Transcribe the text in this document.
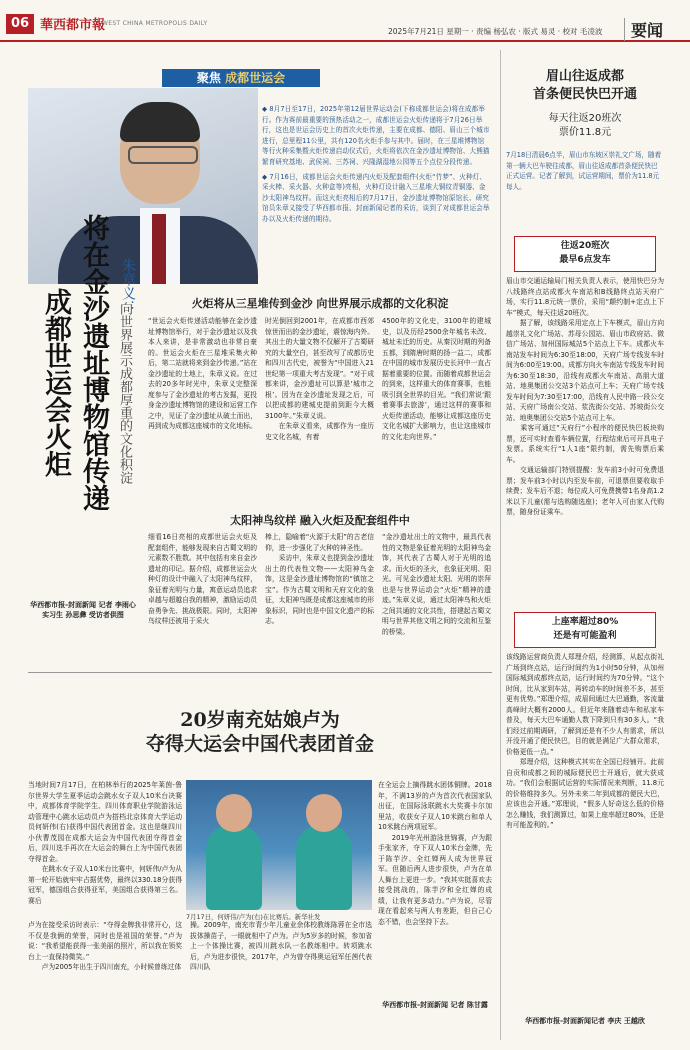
06 華西都市報
WEST CHINA METROPOLIS DAILY
2025年7月21日 星期一 · 责编 杨弘农 · 版式 易灵 · 校对 毛凌波	要闻
聚焦 成都世运会

◆ 8月7日至17日，2025年第12届世界运动会(下称成都世运会)将在成都举行。作为赛前最重要的预热活动之一，成都世运会火炬传递将于7月26日举行，这也是世运会历史上的首次火炬传递，主要在成都、德阳、眉山三个城市进行，总里程11公里，共有120名火炬手参与其中。届时，在三星堆博物馆等行火种采集暨火炬传递启动仪式后，火炬将依次在金沙遗址博物馆、大熊猫繁育研究基地、武侯祠、三苏祠、兴隆湖湿地公园等五个点位分段传递。

◆ 7月16日，成都世运会火炬传递内火炬及配套组件(火炬“竹梦”、火种灯、采火棒、采火器、火种盒等)亮相，火种灯设计融入三星堆大铜纹青铜器、金沙太阳神鸟纹样。而这火炬亮相后的7月17日，金沙遗址博物馆原馆长、研究馆员朱章义接受了华西都市报、封面新闻记者的采访，谈到了对成都世运会举办以及火炬传递的期待。

将在金沙遗址博物馆传递
成都世运会火炬
朱章义：
向世界展示成都厚重的文化积淀
华西都市报-封面新闻 记者 李雨心 实习生 孙思彝 受访者供图
火炬将从三星堆传到金沙 向世界展示成都的文化积淀
“世运会火炬传递活动能够在金沙遗址博物馆举行，对于金沙遗址以及我本人来讲，是非常激动也非常自豪的。世运会火炬在三星堆采集火种后，第二站就将来到金沙传递。”站在金沙遗址的土地上，朱章义说。在过去的20多年时光中，朱章义完整深度参与了金沙遗址的考古发掘，更投身金沙遗址博物馆的建设和运营工作之中，见证了金沙遗址从破土而出，再到成为成都这座城市的文化地标。
时光倒回到2001年，在成都市西郊惊世而出的金沙遗址，震惊海内外。其出土的大量文物不仅解开了古蜀研究的大量空白，甚至改写了成都历史和四川古代史，被誉为“中国进入21世纪第一项重大考古发现”。“对于成都来讲，金沙遗址可以算是‘城市之根’。因为在金沙遗址发现之后，可以把成都的建城史提前到距今大概3100年。”朱章义说。
　　在朱章义看来，成都作为一座历史文化名城，有着
4500年的文化史，3100年的建城史，以及历经2500余年城名未改、城址未迁的历史。从秦汉时期的列备五都，到隋唐时期的扬一益二，成都在中国的城市发展历史长河中一直占据着重要的位置。而随着成都世运会的到来，这样重大的体育赛事，也能吸引到全世界的目光。“我们常说‘跟着赛事去旅游’，通过这样的赛事和火炬传递活动，能够让成都这座历史文化名城扩大影响力，也让这座城市的文化走向世界。”
太阳神鸟纹样 融入火炬及配套组件中
细看16日亮相的成都世运会火炬及配套组件，能够发现来自古蜀文明的元素数不胜数。其中包括有来自金沙遗址的印记。据介绍，成都世运会火种灯的设计中融入了太阳神鸟纹样，象征着光明与力量，寓意运动员追求卓越与超越自我的精神，激励运动员奋勇争先、挑战极限。同时，太阳神鸟纹样还被用于采火
棒上，隐喻着“火源于太阳”的古老信仰，进一步强化了火种的神圣性。
　　采访中，朱章义也提到金沙遗址出土的代表性文物——太阳神鸟金饰，这是金沙遗址博物馆的“镇馆之宝”。作为古蜀文明和天府文化的象征，太阳神鸟既是成都这座城市的形象标识，同时也是中国文化遗产的标志。
“金沙遗址出土的文物中，最具代表性的文物是象征着光明的太阳神鸟金饰，其代表了古蜀人对于光明的追求。而火炬的圣火，也象征光明、阳光。可见金沙遗址太阳、光明的崇拜也是与世界运动会“火炬”精神的遗迹。”朱章义说，通过太阳神鸟和火炬之间共通的文化共性，搭建起古蜀文明与世界其他文明之间的交流和互鉴的桥梁。
20岁南充姑娘卢为
夺得大运会中国代表团首金
当地时间7月17日，在柏林举行的2025年莱茵-鲁尔世界大学生夏季运动会跳水女子双人10米台决赛中，成都体育学院学生、四川体育职业学院游泳运动管理中心跳水运动员卢为搭档北京体育大学运动员何妍伟(右)获得中国代表团首金。这也是继四川小伙曹茂园在成都大运会为中国代表团夺得首金后，四川选手再次在大运会的舞台上为中国代表团夺得首金。
　　在跳水女子双人10米台比赛中，何妍伟/卢为从第一轮开始就牢牢占据优势，最终以330.18分获得冠军，德国组合获得亚军，美国组合获得第三名。赛后
7月17日，何妍伟/卢为(右)在比赛后。新华社发
卢为在接受采访时表示：“夺得金牌我非常开心，这不仅是我俩的荣誉，同时也是祖国的荣誉。”卢为说：“我希望能获得一张美丽的照片，所以我在领奖台上一直保持微笑。”
　　卢为2005年出生于四川南充，小时候曾练过体
操。2009年，南充市青少年儿童业余体校教练陈蓉在全市选拔体操苗子，一眼就相中了卢为。卢为5岁多的时候，参加省上一个体操比赛，被四川跳水队一名教练相中。转项跳水后，卢为进步很快，2017年，卢为曾夺得奥运冠军任茜代表四川队
在全运会上摘得跳水团体铜牌。2018年，不满13岁的卢为首次代表国家队出征，在国际泳联跳水大奖赛卡尔加里站，收获女子双人10米跳台和单人10米跳台两项冠军。
　　2019年光州游泳世锦赛，卢为跟手张家齐，夺下双人10米台金牌，先于陈芋汐、全红婵两人成为世界冠军。但随后两人进步很快，卢为在单人舞台上更进一步。“我其实挺喜欢去接受挑战的，陈芋汐和全红婵的成绩，让我有更多动力。”卢为说，尽管现在看起来与两人有差距，但自己心态不错，也会坚持下去。
华西都市报-封面新闻 记者 陈甘露
眉山往返成都
首条便民快巴开通
每天往返20班次
票价11.8元
7月18日清晨6点半，眉山市东坡区崇礼文广场，随着第一辆大巴车驶往成都，眉山往返成都首条便民快巴正式运营。记者了解到，试运营期间，票价为11.8元每人。
往返20班次
最早6点发车
眉山市交通运输局门相关负责人表示，使用快巴分为八线路终点站成都火车南站和B线路终点站天府广场，实行11.8元统一票价，采用“颠约制+定点上下车”模式，每天往返20班次。
　　据了解，该线路采用定点上下车模式，眉山方向越崇礼文化广场站、苏母公园站、眉山市政府站、微信广场站、加州国际城站5个站点上下车。成都火车南站发车时间为6:30至18:00，天府广场专线发车时间为6:00至19:00。成都方向火车南站专线发车时间为6:30至18:30，沿线有成都火车南站、高朋大道站、地奥集团公交站3个站点可上车；天府广场专线发车时间为7:30至17:00，沿线有人民中路一段公交站、天府广场南公交站、浆洗街公交站、苏坡街公交站、地奥集团公交站5个站点可上车。
　　乘客可通过“天府行”小程序的便民快巴板块购票，还可实时查看车辆位置，行程结束后可开具电子发票。系统实行“1人1座”限约制，需先购票后乘车。
　　交通运输部门特别提醒：发车前3小时可免费退票；发车前3小时以内至发车前，可退票但要收取手续费；发车后不退；每位成人可免费携带1名身高1.2米以下儿童(需与选购随选座)；老年人可由家人代购票，随身份证乘车。
上座率超过80%
还是有可能盈利
该线路运营商负责人郑理介绍，经测算，从起点街礼广场到终点站，运行时间约为1小时50分钟，从加州国际城到成都终点站，运行时间约为70分钟。“这个时间，比从家到车站，再转动车的时间差不多，甚至更有优势。”郑理介绍，成眉间通过大巴通勤，客流量高峰时大概有2000人。但近年来随着动车和私家车普及，每天大巴车通勤人数下降到只有30多人。“我们经过前期调研，了解到还是有不少人有需求，所以开没开通了便民快巴，目的就是满足广大群众需求，价格更低一点。”
　　郑理介绍，这种模式其实在全国已经铺开。此前自贡和成都之间的城际便民巴士开通后，就大获成功。“我们会根据试运营的实际情况来判断，11.8元的价格维持多久。另外未来二年到成都的便民大巴，应该也会开通。”郑理说，“假多人好奇这么低的价格怎么赚钱，我们测算过，如果上座率超过80%，还是有可能盈利的。”
华西都市报-封面新闻记者 李庆 王越欣
